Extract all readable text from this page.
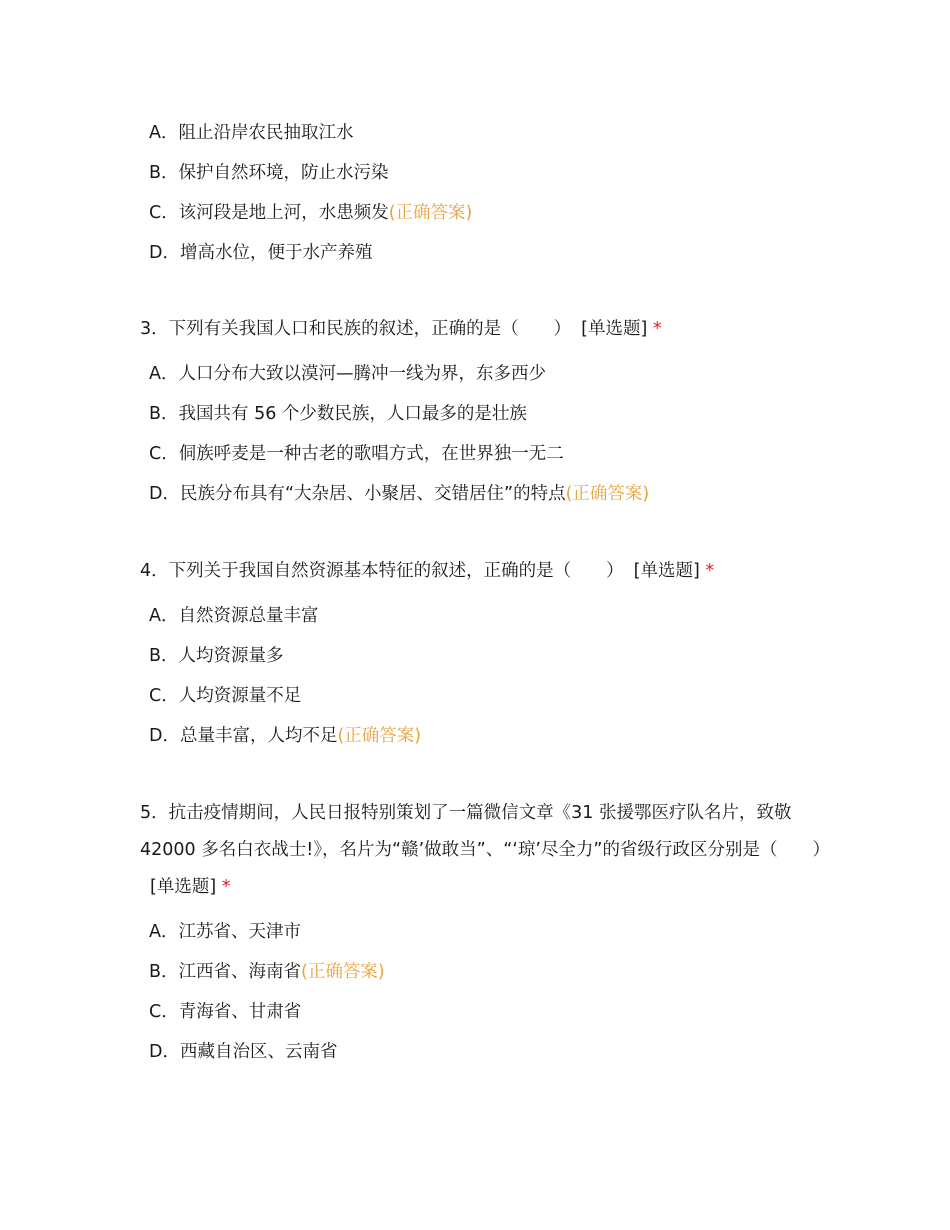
A．阻止沿岸农民抽取江水
B．保护自然环境，防止水污染
C．该河段是地上河，水患频发(正确答案)
D．增高水位，便于水产养殖
3．下列有关我国人口和民族的叙述，正确的是（　　） [单选题] *
A．人口分布大致以漠河—腾冲一线为界，东多西少
B．我国共有 56 个少数民族，人口最多的是壮族
C．侗族呼麦是一种古老的歌唱方式，在世界独一无二
D．民族分布具有“大杂居、小聚居、交错居住”的特点(正确答案)
4．下列关于我国自然资源基本特征的叙述，正确的是（　　） [单选题] *
A．自然资源总量丰富
B．人均资源量多
C．人均资源量不足
D．总量丰富，人均不足(正确答案)
5．抗击疫情期间，人民日报特别策划了一篇微信文章《31 张援鄂医疗队名片，致敬 42000 多名白衣战士!》，名片为“赣’做敢当”、“‘琼’尽全力”的省级行政区分别是（　　）[单选题] *
A．江苏省、天津市
B．江西省、海南省(正确答案)
C．青海省、甘肃省
D．西藏自治区、云南省
